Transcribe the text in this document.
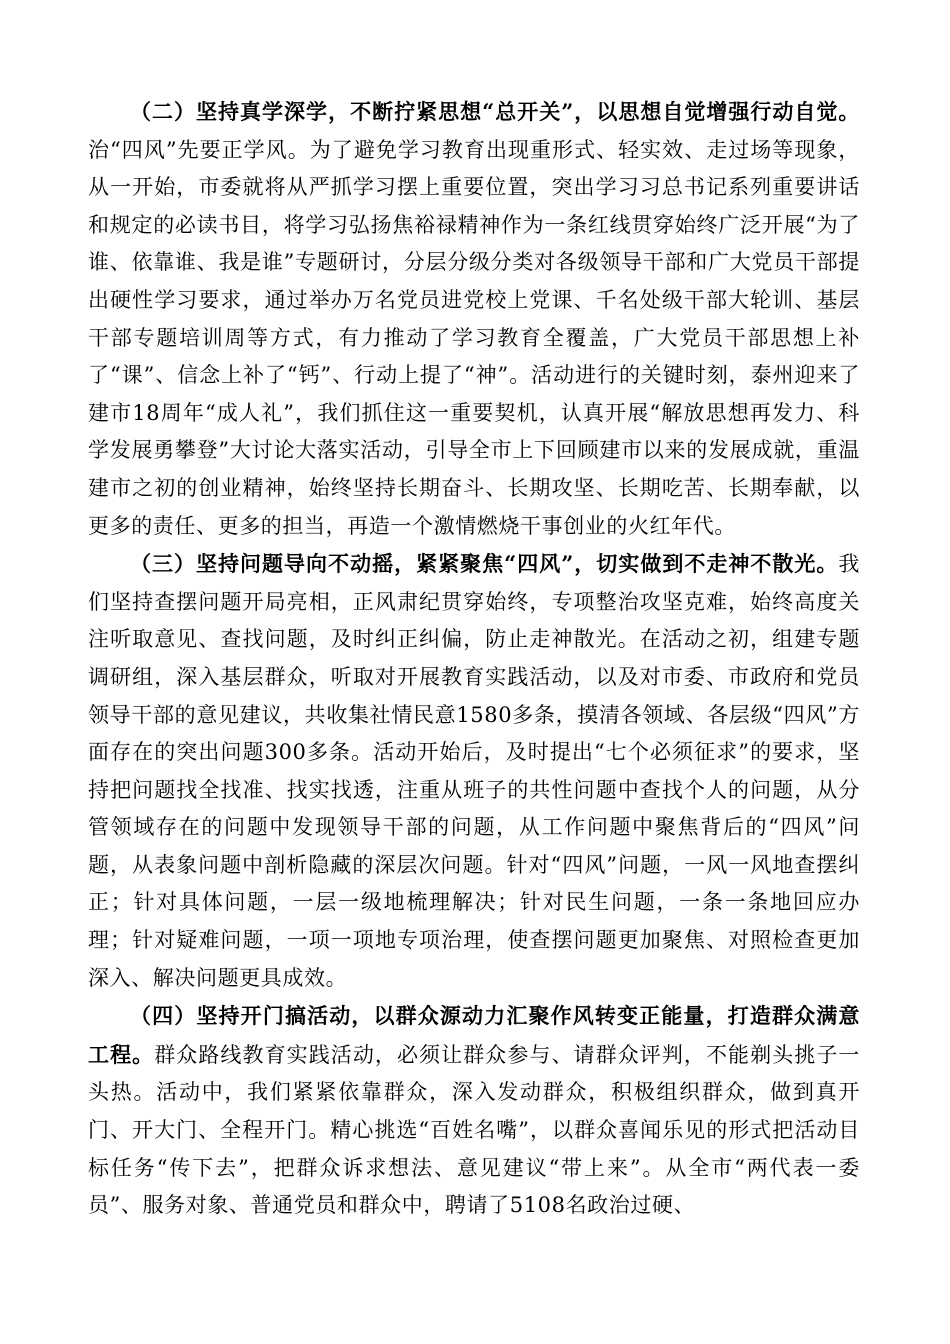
（二）坚持真学深学，不断拧紧思想“总开关”，以思想自觉增强行动自觉。治“四风”先要正学风。为了避免学习教育出现重形式、轻实效、走过场等现象，从一开始，市委就将从严抓学习摆上重要位置，突出学习习总书记系列重要讲话和规定的必读书目，将学习弘扬焦裕禄精神作为一条红线贯穿始终广泛开展“为了谁、依靠谁、我是谁”专题研讨，分层分级分类对各级领导干部和广大党员干部提出硬性学习要求，通过举办万名党员进党校上党课、千名处级干部大轮训、基层干部专题培训周等方式，有力推动了学习教育全覆盖，广大党员干部思想上补了“课”、信念上补了“钙”、行动上提了“神”。活动进行的关键时刻，泰州迎来了建市18周年“成人礼”，我们抓住这一重要契机，认真开展“解放思想再发力、科学发展勇攀登”大讨论大落实活动，引导全市上下回顾建市以来的发展成就，重温建市之初的创业精神，始终坚持长期奋斗、长期攻坚、长期吃苦、长期奉献，以更多的责任、更多的担当，再造一个激情燃烧干事创业的火红年代。

（三）坚持问题导向不动摇，紧紧聚焦“四风”，切实做到不走神不散光。我们坚持查摆问题开局亮相，正风肃纪贯穿始终，专项整治攻坚克难，始终高度关注听取意见、查找问题，及时纠正纠偏，防止走神散光。在活动之初，组建专题调研组，深入基层群众，听取对开展教育实践活动，以及对市委、市政府和党员领导干部的意见建议，共收集社情民意1580多条，摸清各领域、各层级“四风”方面存在的突出问题300多条。活动开始后，及时提出“七个必须征求”的要求，坚持把问题找全找准、找实找透，注重从班子的共性问题中查找个人的问题，从分管领域存在的问题中发现领导干部的问题，从工作问题中聚焦背后的“四风”问题，从表象问题中剖析隐藏的深层次问题。针对“四风”问题，一风一风地查摆纠正；针对具体问题，一层一级地梳理解决；针对民生问题，一条一条地回应办理；针对疑难问题，一项一项地专项治理，使查摆问题更加聚焦、对照检查更加深入、解决问题更具成效。

（四）坚持开门搞活动，以群众源动力汇聚作风转变正能量，打造群众满意工程。群众路线教育实践活动，必须让群众参与、请群众评判，不能剃头挑子一头热。活动中，我们紧紧依靠群众，深入发动群众，积极组织群众，做到真开门、开大门、全程开门。精心挑选“百姓名嘴”，以群众喜闻乐见的形式把活动目标任务“传下去”，把群众诉求想法、意见建议“带上来”。从全市“两代表一委员”、服务对象、普通党员和群众中，聘请了5108名政治过硬、
